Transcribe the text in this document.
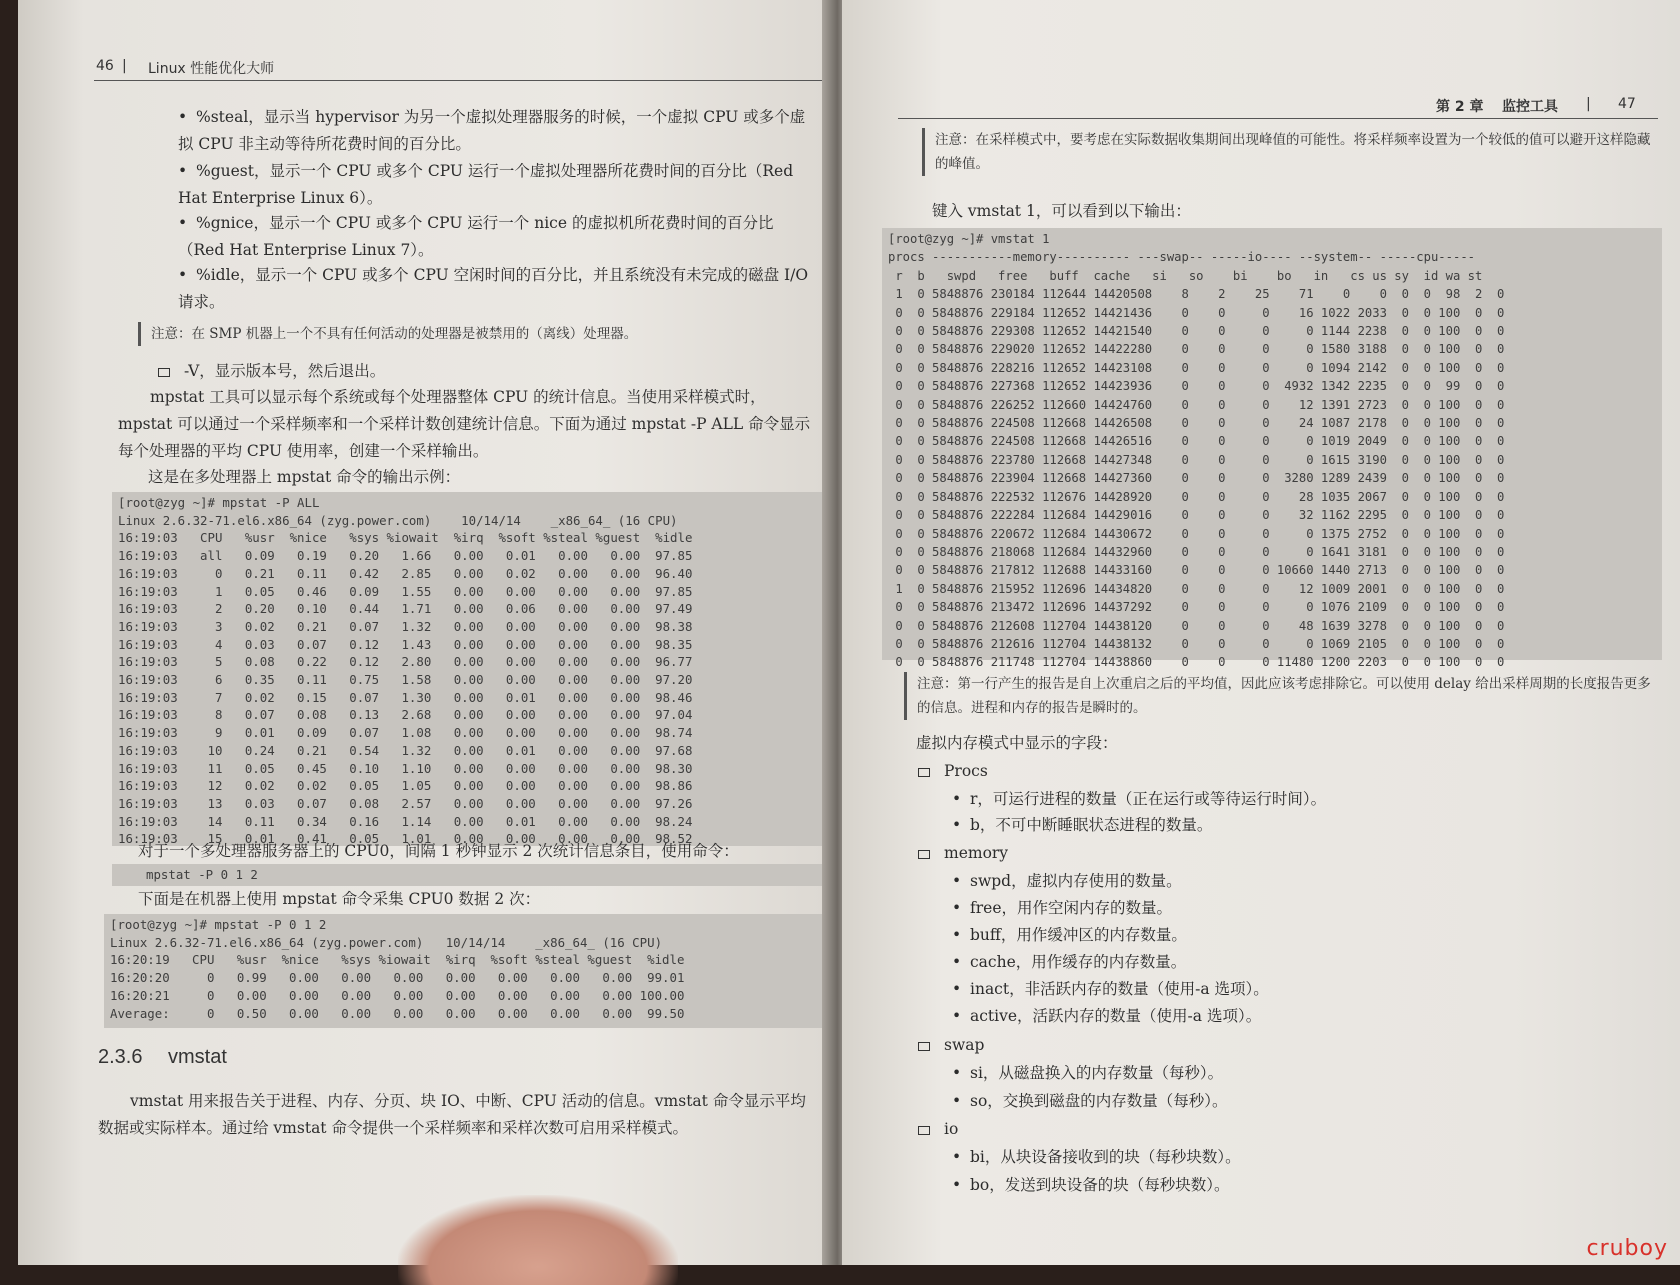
46 | Linux 性能优化大师
• %steal，显示当 hypervisor 为另一个虚拟处理器服务的时候，一个虚拟 CPU 或多个虚拟 CPU 非主动等待所花费时间的百分比。
• %guest，显示一个 CPU 或多个 CPU 运行一个虚拟处理器所花费时间的百分比（Red Hat Enterprise Linux 6）。
• %gnice，显示一个 CPU 或多个 CPU 运行一个 nice 的虚拟机所花费时间的百分比（Red Hat Enterprise Linux 7）。
• %idle，显示一个 CPU 或多个 CPU 空闲时间的百分比，并且系统没有未完成的磁盘 I/O 请求。
注意：在 SMP 机器上一个不具有任何活动的处理器是被禁用的（离线）处理器。
-V，显示版本号，然后退出。
mpstat 工具可以显示每个系统或每个处理器整体 CPU 的统计信息。当使用采样模式时，mpstat 可以通过一个采样频率和一个采样计数创建统计信息。下面为通过 mpstat -P ALL 命令显示每个处理器的平均 CPU 使用率，创建一个采样输出。
这是在多处理器上 mpstat 命令的输出示例：
[root@zyg ~]# mpstat -P ALL
Linux 2.6.32-71.el6.x86_64 (zyg.power.com)    10/14/14    _x86_64_ (16 CPU)
16:19:03   CPU   %usr  %nice   %sys %iowait  %irq  %soft %steal %guest  %idle
16:19:03   all   0.09   0.19   0.20   1.66   0.00   0.01   0.00   0.00  97.85
16:19:03     0   0.21   0.11   0.42   2.85   0.00   0.02   0.00   0.00  96.40
16:19:03     1   0.05   0.46   0.09   1.55   0.00   0.00   0.00   0.00  97.85
16:19:03     2   0.20   0.10   0.44   1.71   0.00   0.06   0.00   0.00  97.49
16:19:03     3   0.02   0.21   0.07   1.32   0.00   0.00   0.00   0.00  98.38
16:19:03     4   0.03   0.07   0.12   1.43   0.00   0.00   0.00   0.00  98.35
16:19:03     5   0.08   0.22   0.12   2.80   0.00   0.00   0.00   0.00  96.77
16:19:03     6   0.35   0.11   0.75   1.58   0.00   0.00   0.00   0.00  97.20
16:19:03     7   0.02   0.15   0.07   1.30   0.00   0.01   0.00   0.00  98.46
16:19:03     8   0.07   0.08   0.13   2.68   0.00   0.00   0.00   0.00  97.04
16:19:03     9   0.01   0.09   0.07   1.08   0.00   0.00   0.00   0.00  98.74
16:19:03    10   0.24   0.21   0.54   1.32   0.00   0.01   0.00   0.00  97.68
16:19:03    11   0.05   0.45   0.10   1.10   0.00   0.00   0.00   0.00  98.30
16:19:03    12   0.02   0.02   0.05   1.05   0.00   0.00   0.00   0.00  98.86
16:19:03    13   0.03   0.07   0.08   2.57   0.00   0.00   0.00   0.00  97.26
16:19:03    14   0.11   0.34   0.16   1.14   0.00   0.01   0.00   0.00  98.24
16:19:03    15   0.01   0.41   0.05   1.01   0.00   0.00   0.00   0.00  98.52
对于一个多处理器服务器上的 CPU0，间隔 1 秒钟显示 2 次统计信息条目，使用命令：
mpstat -P 0 1 2
下面是在机器上使用 mpstat 命令采集 CPU0 数据 2 次：
[root@zyg ~]# mpstat -P 0 1 2
Linux 2.6.32-71.el6.x86_64 (zyg.power.com)   10/14/14    _x86_64_ (16 CPU)
16:20:19   CPU   %usr  %nice   %sys %iowait  %irq  %soft %steal %guest  %idle
16:20:20     0   0.99   0.00   0.00   0.00   0.00   0.00   0.00   0.00  99.01
16:20:21     0   0.00   0.00   0.00   0.00   0.00   0.00   0.00   0.00 100.00
Average:     0   0.50   0.00   0.00   0.00   0.00   0.00   0.00   0.00  99.50
2.3.6 vmstat
vmstat 用来报告关于进程、内存、分页、块 IO、中断、CPU 活动的信息。vmstat 命令显示平均数据或实际样本。通过给 vmstat 命令提供一个采样频率和采样次数可启用采样模式。
第 2 章 监控工具 | 47
注意：在采样模式中，要考虑在实际数据收集期间出现峰值的可能性。将采样频率设置为一个较低的值可以避开这样隐藏的峰值。
键入 vmstat 1，可以看到以下输出：
[root@zyg ~]# vmstat 1
procs -----------memory---------- ---swap-- -----io---- --system-- -----cpu-----
r  b   swpd   free   buff  cache   si   so    bi    bo   in   cs us sy  id wa st
1  0 5848876 230184 112644 14420508    8    2    25    71    0    0  0  0  98  2  0
0  0 5848876 229184 112652 14421436    0    0     0    16 1022 2033  0  0 100  0  0
0  0 5848876 229308 112652 14421540    0    0     0     0 1144 2238  0  0 100  0  0
0  0 5848876 229020 112652 14422280    0    0     0     0 1580 3188  0  0 100  0  0
0  0 5848876 228216 112652 14423108    0    0     0     0 1094 2142  0  0 100  0  0
0  0 5848876 227368 112652 14423936    0    0     0  4932 1342 2235  0  0  99  0  0
0  0 5848876 226252 112660 14424760    0    0     0    12 1391 2723  0  0 100  0  0
0  0 5848876 224508 112668 14426508    0    0     0    24 1087 2178  0  0 100  0  0
0  0 5848876 224508 112668 14426516    0    0     0     0 1019 2049  0  0 100  0  0
0  0 5848876 223780 112668 14427348    0    0     0     0 1615 3190  0  0 100  0  0
0  0 5848876 223904 112668 14427360    0    0     0  3280 1289 2439  0  0 100  0  0
0  0 5848876 222532 112676 14428920    0    0     0    28 1035 2067  0  0 100  0  0
0  0 5848876 222284 112684 14429016    0    0     0    32 1162 2295  0  0 100  0  0
0  0 5848876 220672 112684 14430672    0    0     0     0 1375 2752  0  0 100  0  0
0  0 5848876 218068 112684 14432960    0    0     0     0 1641 3181  0  0 100  0  0
0  0 5848876 217812 112688 14433160    0    0     0 10660 1440 2713  0  0 100  0  0
1  0 5848876 215952 112696 14434820    0    0     0    12 1009 2001  0  0 100  0  0
0  0 5848876 213472 112696 14437292    0    0     0     0 1076 2109  0  0 100  0  0
0  0 5848876 212608 112704 14438120    0    0     0    48 1639 3278  0  0 100  0  0
0  0 5848876 212616 112704 14438132    0    0     0     0 1069 2105  0  0 100  0  0
0  0 5848876 211748 112704 14438860    0    0     0 11480 1200 2203  0  0 100  0  0
注意：第一行产生的报告是自上次重启之后的平均值，因此应该考虑排除它。可以使用 delay 给出采样周期的长度报告更多的信息。进程和内存的报告是瞬时的。
虚拟内存模式中显示的字段：
Procs
• r，可运行进程的数量（正在运行或等待运行时间）。
• b，不可中断睡眠状态进程的数量。
memory
• swpd，虚拟内存使用的数量。
• free，用作空闲内存的数量。
• buff，用作缓冲区的内存数量。
• cache，用作缓存的内存数量。
• inact，非活跃内存的数量（使用-a 选项）。
• active，活跃内存的数量（使用-a 选项）。
swap
• si，从磁盘换入的内存数量（每秒）。
• so，交换到磁盘的内存数量（每秒）。
io
• bi，从块设备接收到的块（每秒块数）。
• bo，发送到块设备的块（每秒块数）。
cruboy
